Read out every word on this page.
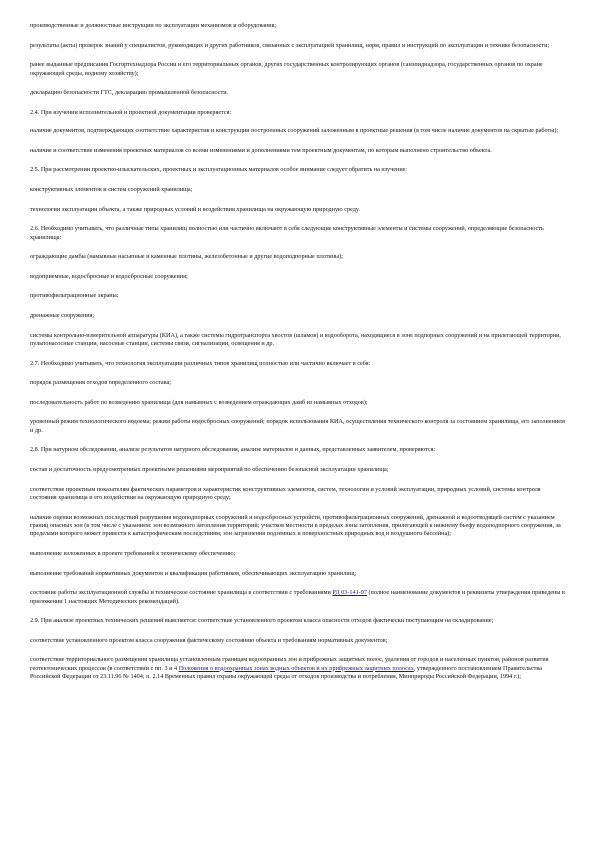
производственные и должностные инструкции по эксплуатации механизмов и оборудования;

результаты (акты) проверок знаний у специалистов, руководящих и других работников, связанных с эксплуатацией хранилищ, норм, правил и инструкций по эксплуатации и технике безопасности;

ранее выданные предписания Госгортехнадзора России и его территориальных органов, других государственных контролирующих органов (санэпиднадзора, государственных органов по охране окружающей среды, водному хозяйству);

декларацию безопасности ГТС, декларацию промышленной безопасности.

2.4. При изучении исполнительной и проектной документации проверяется:

наличие документов, подтверждающих соответствие характеристик и конструкции построенных сооружений заложенным в проектные решения (в том числе наличие документов на скрытые работы);

наличие и соответствие изменения проектных материалов со всеми изменениями и дополнениями тем проектным документам, по которым выполнено строительство объекта.

2.5. При рассмотрении проектно-изыскательских, проектных и эксплуатационных материалов особое внимание следует обратить на изучение:

конструктивных элементов и систем сооружений хранилища;

технологии эксплуатации объекта, а также природных условий и воздействия хранилища на окружающую природную среду.

2.6. Необходимо учитывать, что различные типы хранилищ полностью или частично включают в себя следующие конструктивные элементы и системы сооружений, определяющие безопасность хранилища:

ограждающие дамбы (намывные насыпные и каменные плотины, железобетонные и другие водоподпорные плотины);

водоприемные, водосбросные и водосбросные сооружения;

противофильтрационные экраны;

дренажные сооружения;

системы контрольно-измерительной аппаратуры (КИА), а также системы гидротранспорта хвостов (шламов) и водооборота, находящиеся в зоне подпорных сооружений и на прилегающей территории, пульпонасосные станции, насосные станции, системы связи, сигнализации, освещения и др.

2.7. Необходимо учитывать, что технология эксплуатации различных типов хранилищ полностью или частично включает в себя:

порядок размещения отходов определенного состава;

последовательность работ по возведению хранилища (для намывных с возведением ограждающих дамб из намывных отходов);

уровенный режим технологического водоема; режим работы водосбросных сооружений; порядок использования КИА, осуществления технического контроля за состоянием хранилища, его заполнением и др.

2.8. При натурном обследовании, анализе результатов натурного обследования, анализе материалов и данных, представленных заявителем, проверяются:

состав и достаточность предусмотренных проектными решениями мероприятий по обеспечению безопасной эксплуатации хранилища;

соответствие проектным показателям фактических параметров и характеристик конструктивных элементов, систем, технологии и условий эксплуатации, природных условий, системы контроля состояния хранилища и его воздействия на окружающую природную среду;

наличие оценки возможных последствий разрушения водоподпорных сооружений и водосбросных устройств, противофильтрационных сооружений, дренажной и водоотводящей систем с указанием границ опасных зон (в том числе с указанием: зон возможного затопления территорий; участков местности в пределах зоны затопления, прилегающей к нижнему бьефу водоподпорного сооружения, за пределами которого может привести к катастрофическим последствиям; зон загрязнения подземных и поверхностных природных вод и воздушного бассейна);

выполнение изложенных в проекте требований к техническому обеспечению;

выполнение требований нормативных документов и квалификации работников, обеспечивающих эксплуатацию хранилищ;

состояние работы эксплуатационной службы и техническое состояние хранилища в соответствии с требованиями РД 03-141-97 (полное наименование документов и реквизиты утверждения приведены в приложении 1 настоящих Методических рекомендаций).

2.9. При анализе проектных технических решений выясняется: соответствие установленного проектом класса опасности отходов фактически поступающим на складирование;

соответствие установленного проектом класса сооружения фактическому состоянию объекта и требованиям нормативных документов;

соответствие территориального размещения хранилища установленным границам водоохранных зон и прибрежных защитных полос, удаления от городов и населенных пунктов, районов развития геотектонических процессов (в соответствии с пп. 3 и 4 Положения о водоохранных зонах водных объектов и их прибрежных защитных полосах, утвержденного постановлением Правительства Российской Федерации от 23.11.96 № 1404; п. 2.14 Временных правил охраны окружающей среды от отходов производства и потребления, Минприроды Российской Федерации, 1994 г.);
